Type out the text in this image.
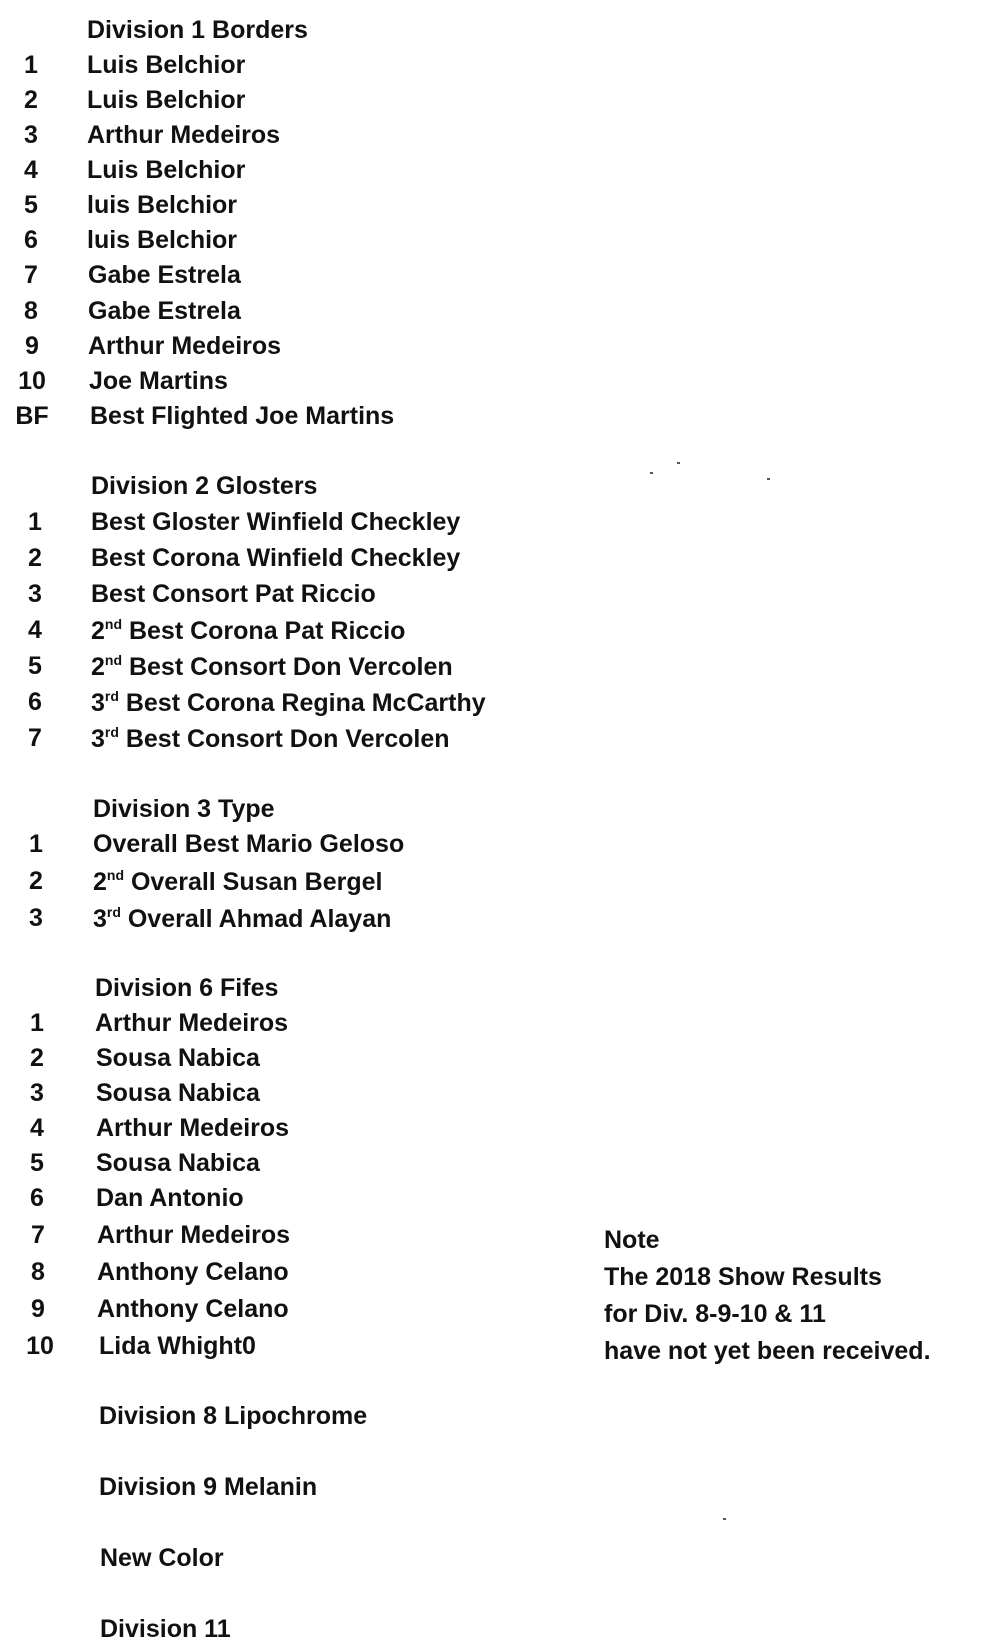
Division 1 Borders
1	Luis Belchior
2	Luis Belchior
3	Arthur Medeiros
4	Luis Belchior
5	luis Belchior
6	luis Belchior
7	Gabe Estrela
8	Gabe Estrela
9	Arthur Medeiros
10	Joe Martins
BF	Best Flighted Joe Martins
Division 2 Glosters
1	Best Gloster Winfield Checkley
2	Best Corona Winfield Checkley
3	Best Consort Pat Riccio
4	2nd Best Corona Pat Riccio
5	2nd Best Consort Don Vercolen
6	3rd Best Corona Regina McCarthy
7	3rd Best Consort Don Vercolen
Division 3 Type
1	Overall Best Mario Geloso
2	2nd Overall Susan Bergel
3	3rd Overall Ahmad Alayan
Division 6 Fifes
1	Arthur Medeiros
2	Sousa Nabica
3	Sousa Nabica
4	Arthur Medeiros
5	Sousa Nabica
6	Dan Antonio
7	Arthur Medeiros
8	Anthony Celano
9	Anthony Celano
10	Lida Whight0
Division 8 Lipochrome
Division 9 Melanin
New Color
Division 11
Note
The 2018 Show Results
for Div. 8-9-10 & 11
have not yet been received.
